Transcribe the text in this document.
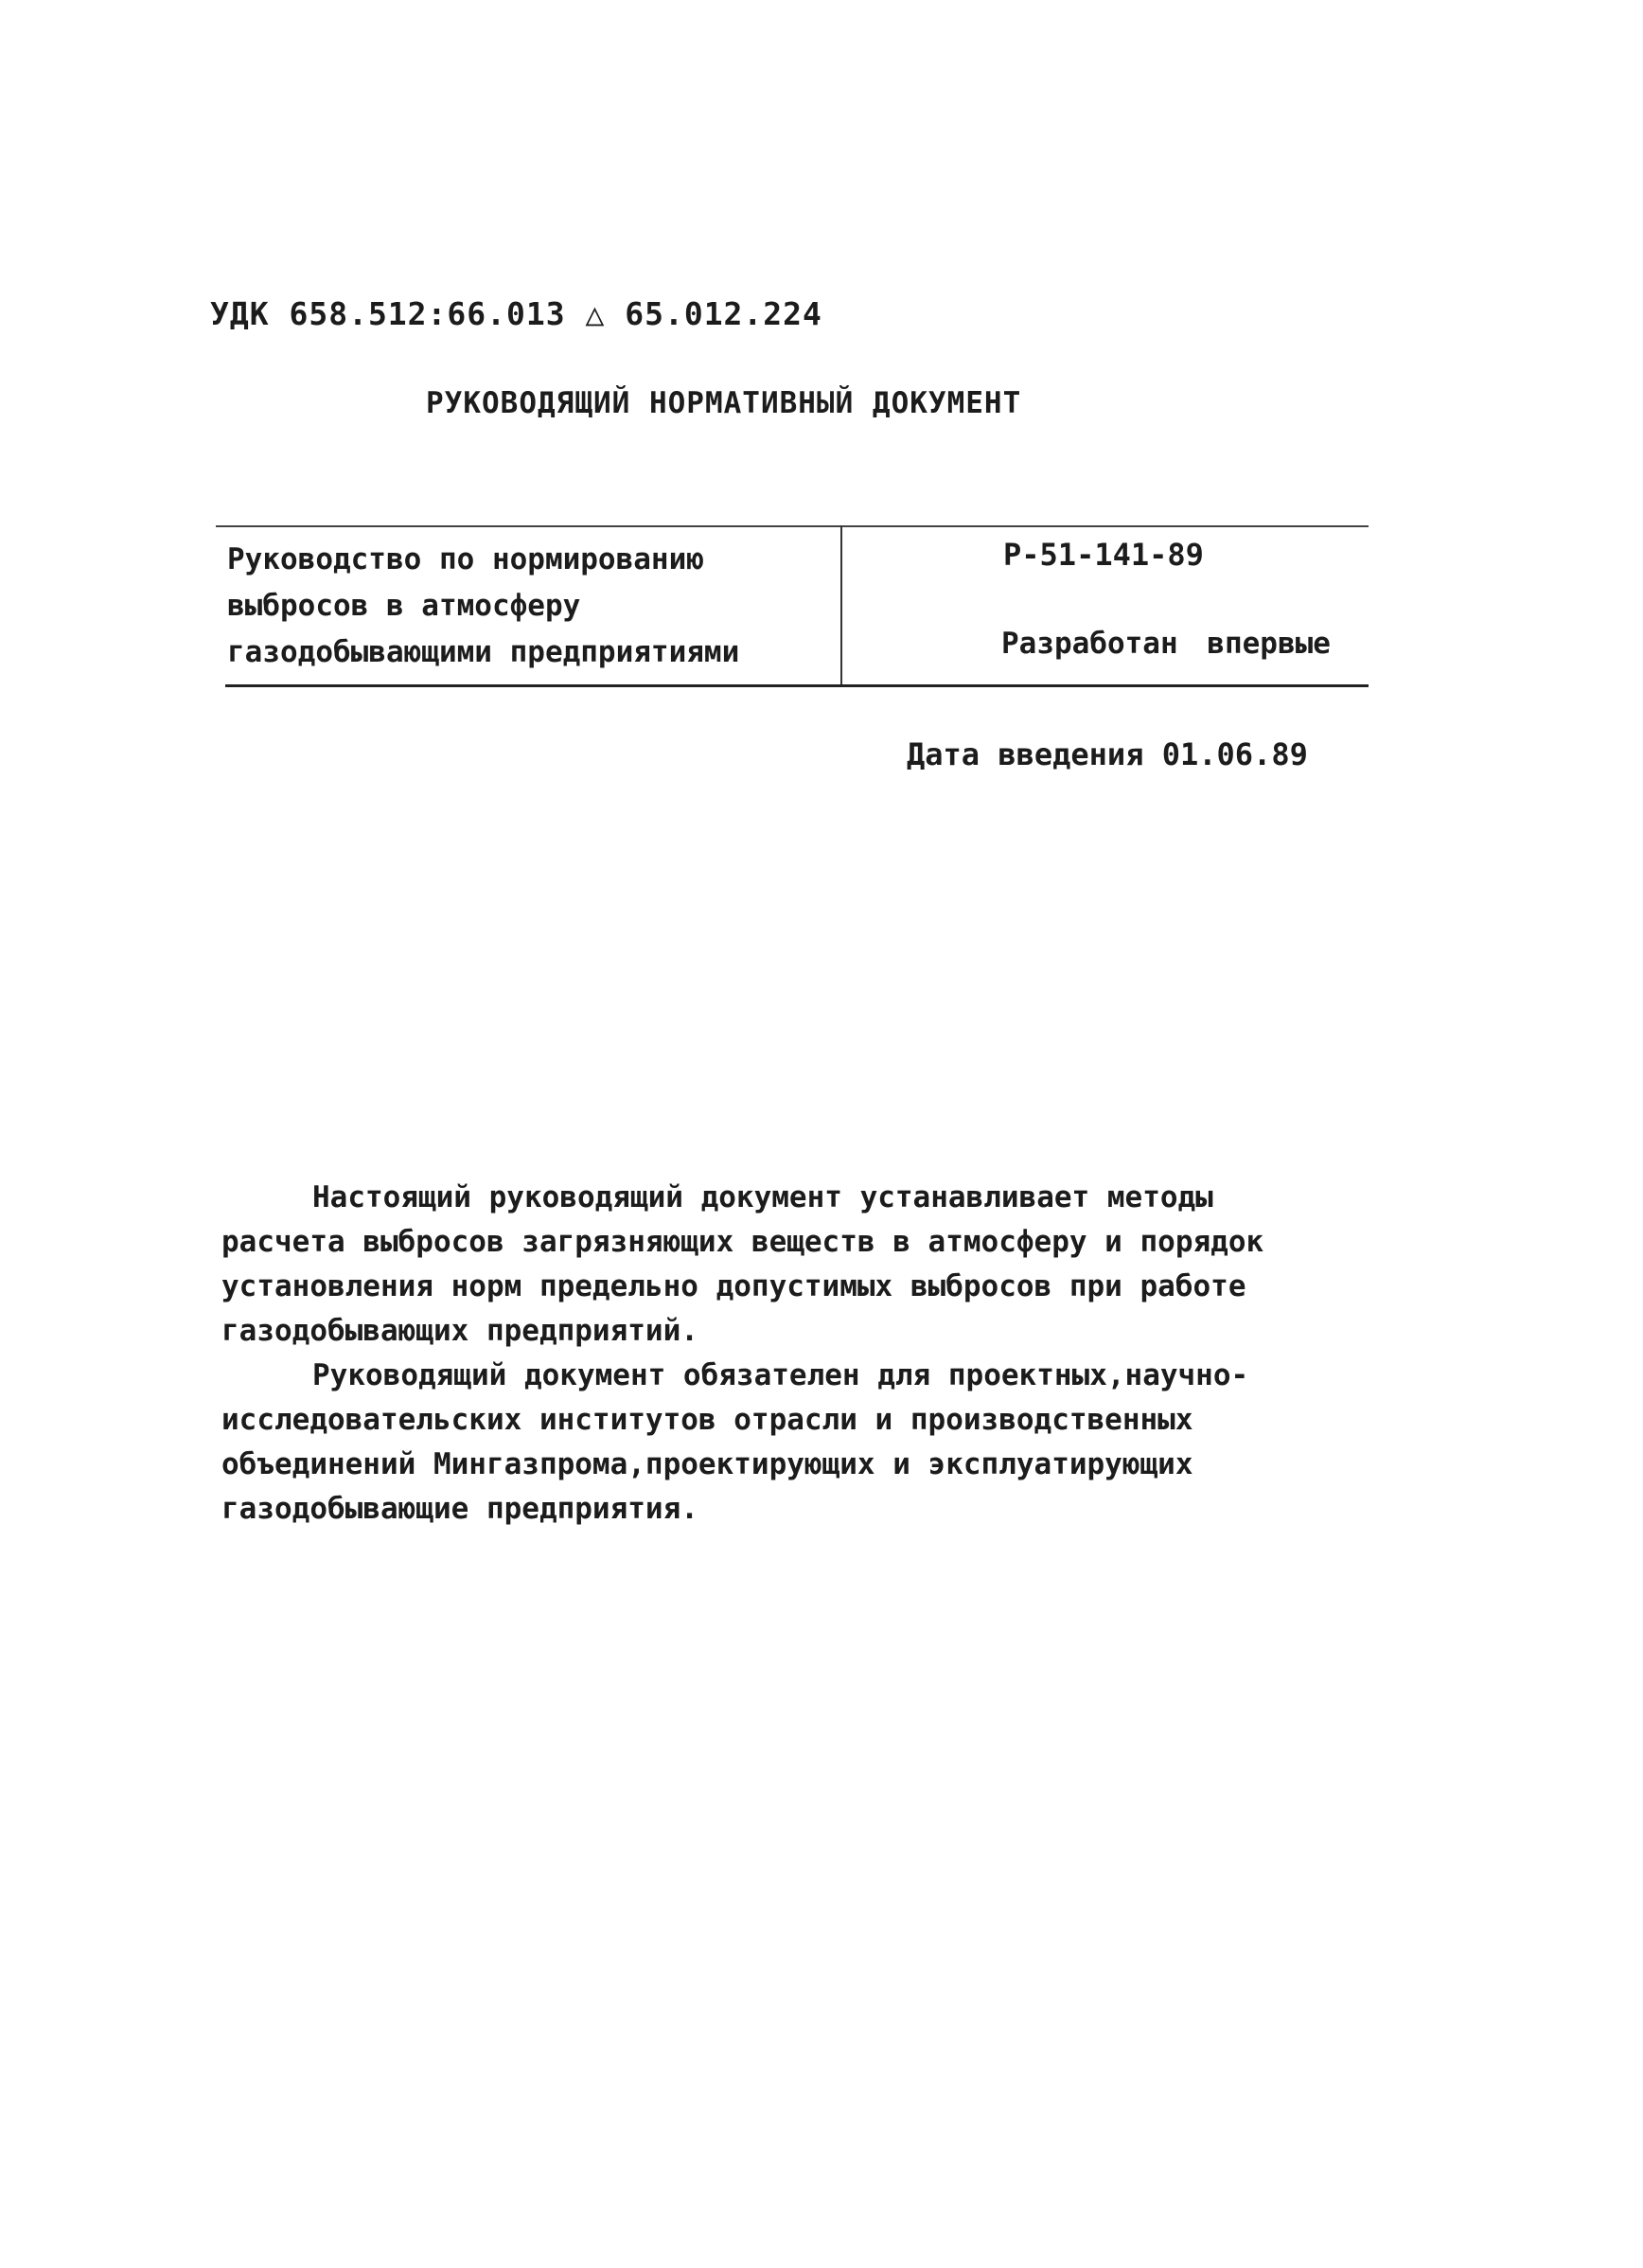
УДК 658.512:66.013 △ 65.012.224
РУКОВОДЯЩИЙ НОРМАТИВНЫЙ ДОКУМЕНТ
Руководство по нормированию
выбросов в атмосферу
газодобывающими предприятиями
Р-51-141-89
Разработан впервые
Дата введения 01.06.89
Настоящий руководящий документ устанавливает методы
расчета выбросов загрязняющих веществ в атмосферу и порядок
установления норм предельно допустимых выбросов при работе
газодобывающих предприятий.
Руководящий документ обязателен для проектных,научно-
исследовательских институтов отрасли и производственных
объединений Мингазпрома,проектирующих и эксплуатирующих
газодобывающие предприятия.
